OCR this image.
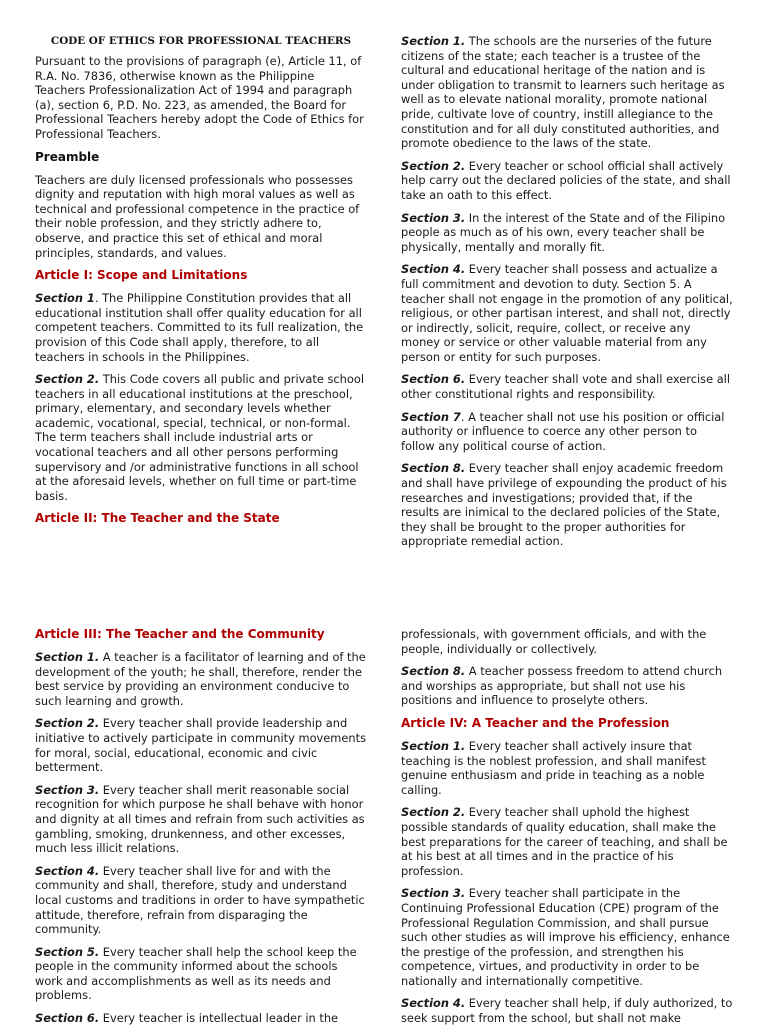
CODE OF ETHICS FOR PROFESSIONAL TEACHERS

Pursuant to the provisions of paragraph (e), Article 11, of R.A. No. 7836, otherwise known as the Philippine Teachers Professionalization Act of 1994 and paragraph (a), section 6, P.D. No. 223, as amended, the Board for Professional Teachers hereby adopt the Code of Ethics for Professional Teachers.

Preamble

Teachers are duly licensed professionals who possesses dignity and reputation with high moral values as well as technical and professional competence in the practice of their noble profession, and they strictly adhere to, observe, and practice this set of ethical and moral principles, standards, and values.

Article I: Scope and Limitations

Section 1. The Philippine Constitution provides that all educational institution shall offer quality education for all competent teachers. Committed to its full realization, the provision of this Code shall apply, therefore, to all teachers in schools in the Philippines.

Section 2. This Code covers all public and private school teachers in all educational institutions at the preschool, primary, elementary, and secondary levels whether academic, vocational, special, technical, or non-formal. The term teachers shall include industrial arts or vocational teachers and all other persons performing supervisory and /or administrative functions in all school at the aforesaid levels, whether on full time or part-time basis.

Article II: The Teacher and the State

Section 1. The schools are the nurseries of the future citizens of the state; each teacher is a trustee of the cultural and educational heritage of the nation and is under obligation to transmit to learners such heritage as well as to elevate national morality, promote national pride, cultivate love of country, instill allegiance to the constitution and for all duly constituted authorities, and promote obedience to the laws of the state.

Section 2. Every teacher or school official shall actively help carry out the declared policies of the state, and shall take an oath to this effect.

Section 3. In the interest of the State and of the Filipino people as much as of his own, every teacher shall be physically, mentally and morally fit.

Section 4. Every teacher shall possess and actualize a full commitment and devotion to duty. Section 5. A teacher shall not engage in the promotion of any political, religious, or other partisan interest, and shall not, directly or indirectly, solicit, require, collect, or receive any money or service or other valuable material from any person or entity for such purposes.

Section 6. Every teacher shall vote and shall exercise all other constitutional rights and responsibility.

Section 7. A teacher shall not use his position or official authority or influence to coerce any other person to follow any political course of action.

Section 8. Every teacher shall enjoy academic freedom and shall have privilege of expounding the product of his researches and investigations; provided that, if the results are inimical to the declared policies of the State, they shall be brought to the proper authorities for appropriate remedial action.

Article III: The Teacher and the Community

Section 1. A teacher is a facilitator of learning and of the development of the youth; he shall, therefore, render the best service by providing an environment conducive to such learning and growth.

Section 2. Every teacher shall provide leadership and initiative to actively participate in community movements for moral, social, educational, economic and civic betterment.

Section 3. Every teacher shall merit reasonable social recognition for which purpose he shall behave with honor and dignity at all times and refrain from such activities as gambling, smoking, drunkenness, and other excesses, much less illicit relations.

Section 4. Every teacher shall live for and with the community and shall, therefore, study and understand local customs and traditions in order to have sympathetic attitude, therefore, refrain from disparaging the community.

Section 5. Every teacher shall help the school keep the people in the community informed about the schools work and accomplishments as well as its needs and problems.

Section 6. Every teacher is intellectual leader in the

professionals, with government officials, and with the people, individually or collectively.

Section 8. A teacher possess freedom to attend church and worships as appropriate, but shall not use his positions and influence to proselyte others.

Article IV: A Teacher and the Profession

Section 1. Every teacher shall actively insure that teaching is the noblest profession, and shall manifest genuine enthusiasm and pride in teaching as a noble calling.

Section 2. Every teacher shall uphold the highest possible standards of quality education, shall make the best preparations for the career of teaching, and shall be at his best at all times and in the practice of his profession.

Section 3. Every teacher shall participate in the Continuing Professional Education (CPE) program of the Professional Regulation Commission, and shall pursue such other studies as will improve his efficiency, enhance the prestige of the profession, and strengthen his competence, virtues, and productivity in order to be nationally and internationally competitive.

Section 4. Every teacher shall help, if duly authorized, to seek support from the school, but shall not make
